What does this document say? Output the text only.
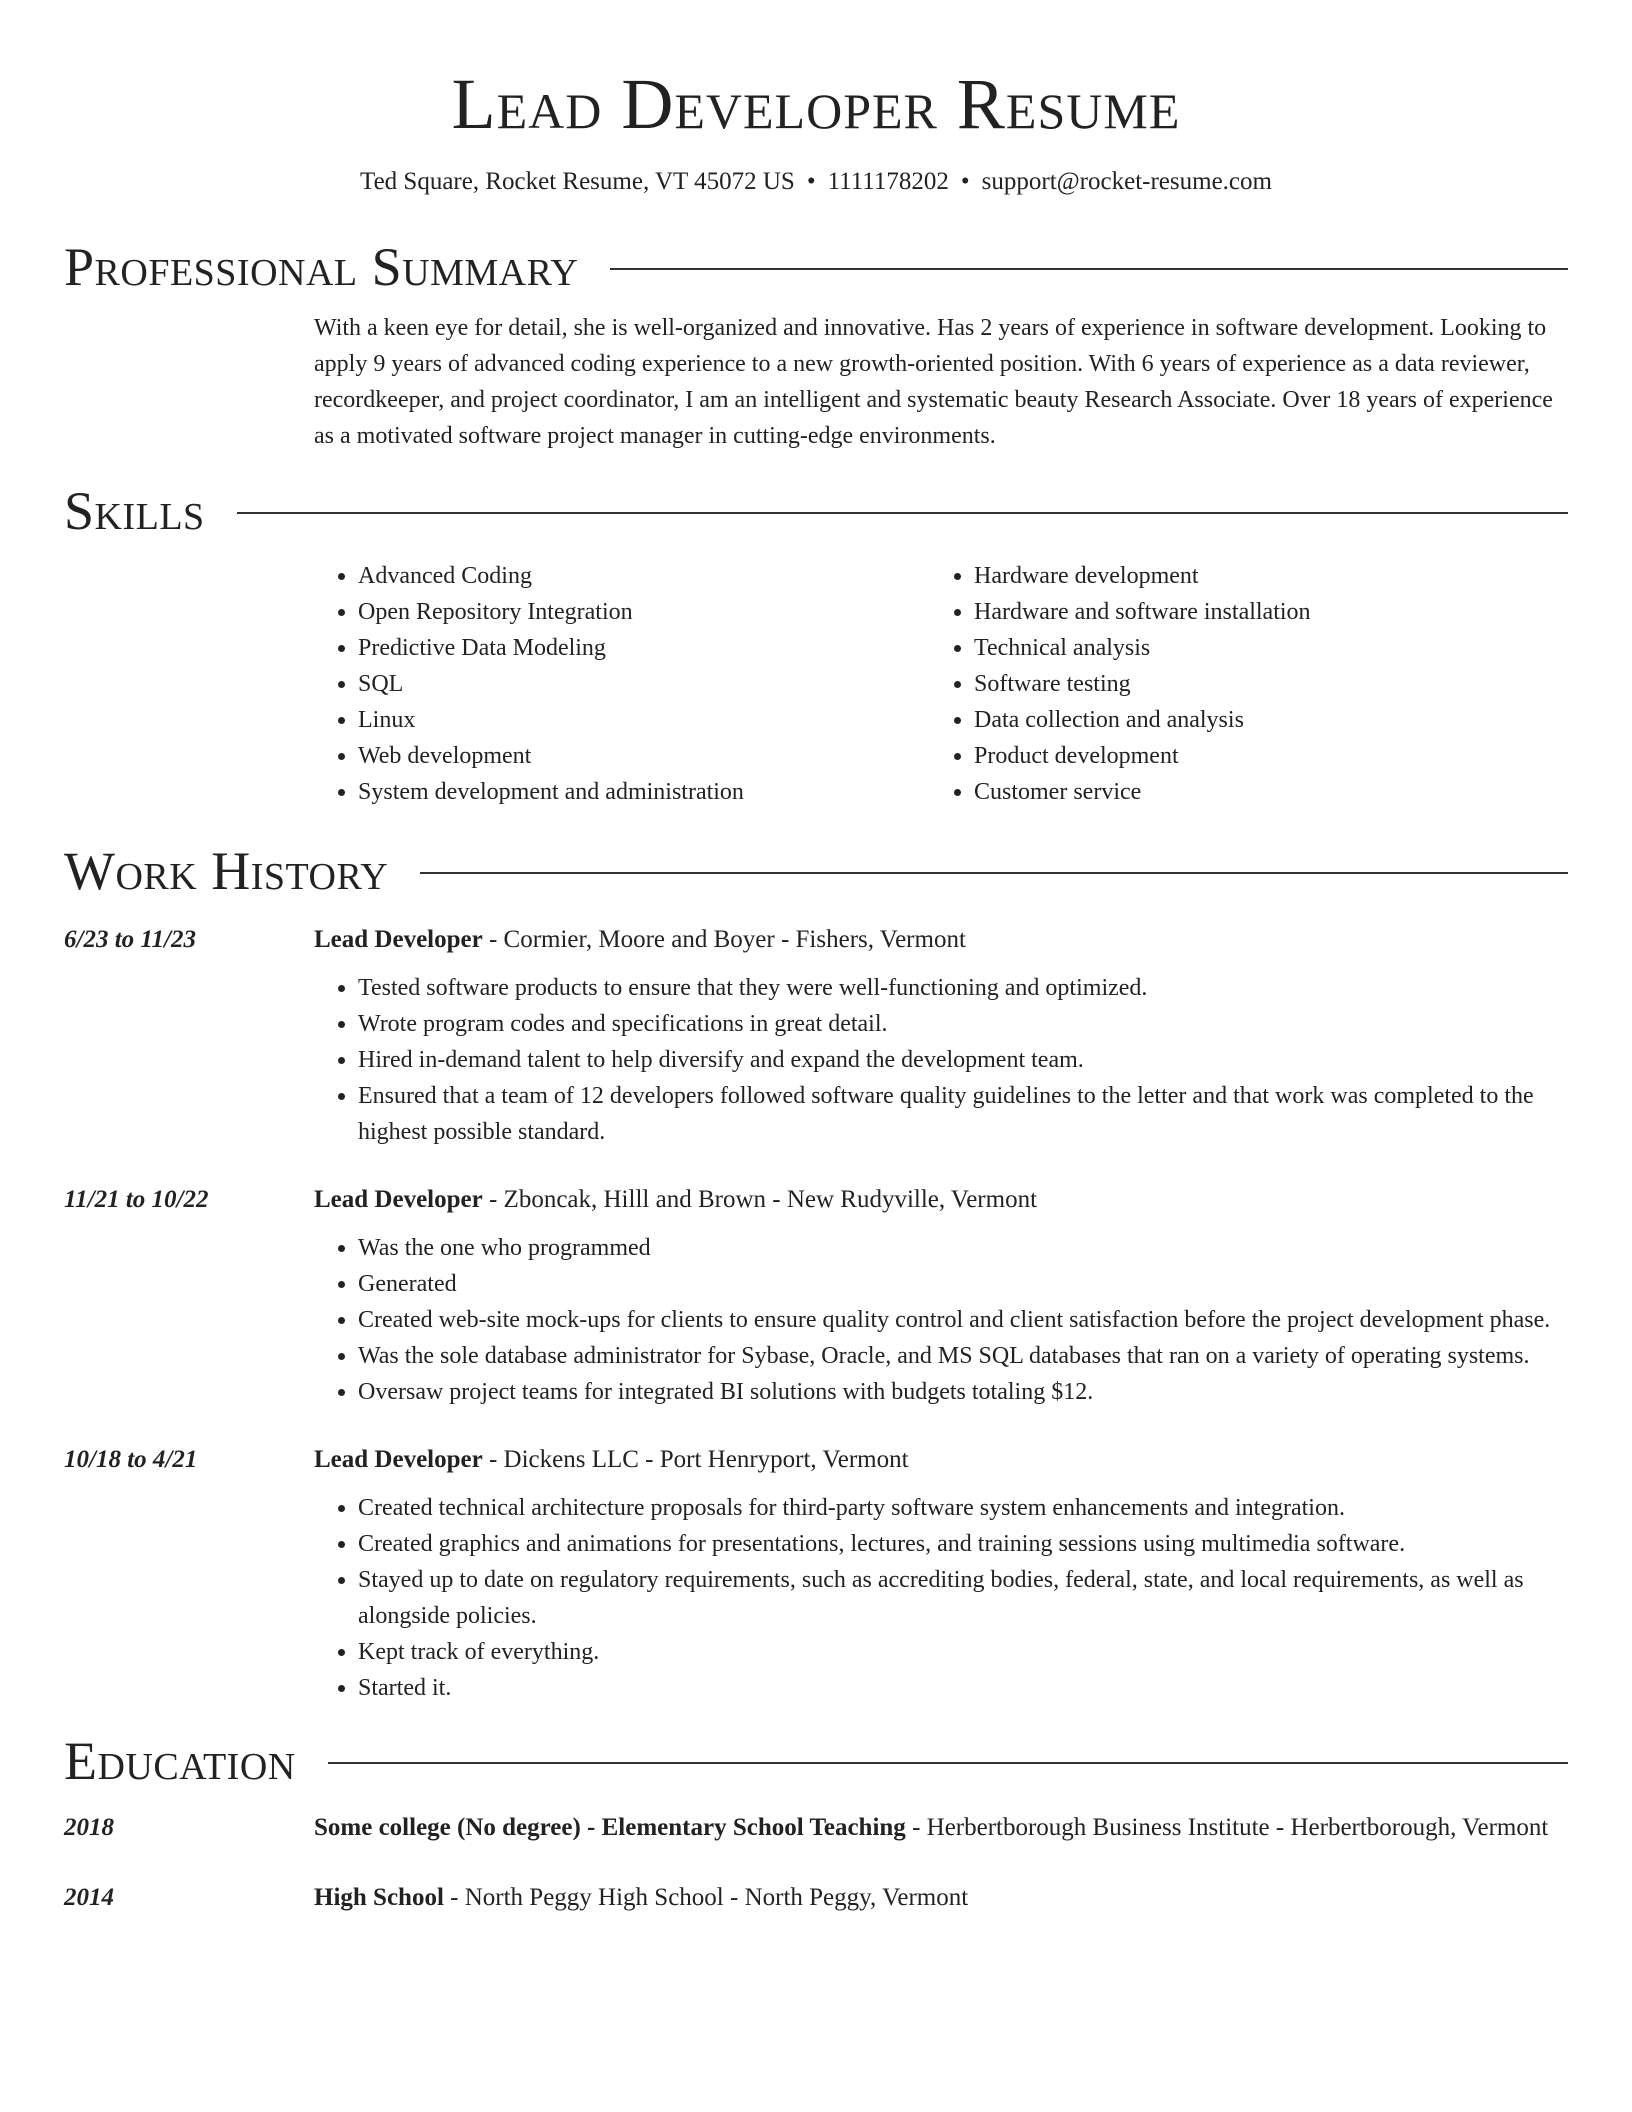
Lead Developer Resume
Ted Square, Rocket Resume, VT 45072 US • 1111178202 • support@rocket-resume.com
Professional Summary
With a keen eye for detail, she is well-organized and innovative. Has 2 years of experience in software development. Looking to apply 9 years of advanced coding experience to a new growth-oriented position. With 6 years of experience as a data reviewer, recordkeeper, and project coordinator, I am an intelligent and systematic beauty Research Associate. Over 18 years of experience as a motivated software project manager in cutting-edge environments.
Skills
• Advanced Coding
• Open Repository Integration
• Predictive Data Modeling
• SQL
• Linux
• Web development
• System development and administration
• Hardware development
• Hardware and software installation
• Technical analysis
• Software testing
• Data collection and analysis
• Product development
• Customer service
Work History
6/23 to 11/23	Lead Developer - Cormier, Moore and Boyer - Fishers, Vermont
• Tested software products to ensure that they were well-functioning and optimized.
• Wrote program codes and specifications in great detail.
• Hired in-demand talent to help diversify and expand the development team.
• Ensured that a team of 12 developers followed software quality guidelines to the letter and that work was completed to the highest possible standard.
11/21 to 10/22	Lead Developer - Zboncak, Hilll and Brown - New Rudyville, Vermont
• Was the one who programmed
• Generated
• Created web-site mock-ups for clients to ensure quality control and client satisfaction before the project development phase.
• Was the sole database administrator for Sybase, Oracle, and MS SQL databases that ran on a variety of operating systems.
• Oversaw project teams for integrated BI solutions with budgets totaling $12.
10/18 to 4/21	Lead Developer - Dickens LLC - Port Henryport, Vermont
• Created technical architecture proposals for third-party software system enhancements and integration.
• Created graphics and animations for presentations, lectures, and training sessions using multimedia software.
• Stayed up to date on regulatory requirements, such as accrediting bodies, federal, state, and local requirements, as well as alongside policies.
• Kept track of everything.
• Started it.
Education
2018	Some college (No degree) - Elementary School Teaching - Herbertborough Business Institute - Herbertborough, Vermont
2014	High School - North Peggy High School - North Peggy, Vermont
